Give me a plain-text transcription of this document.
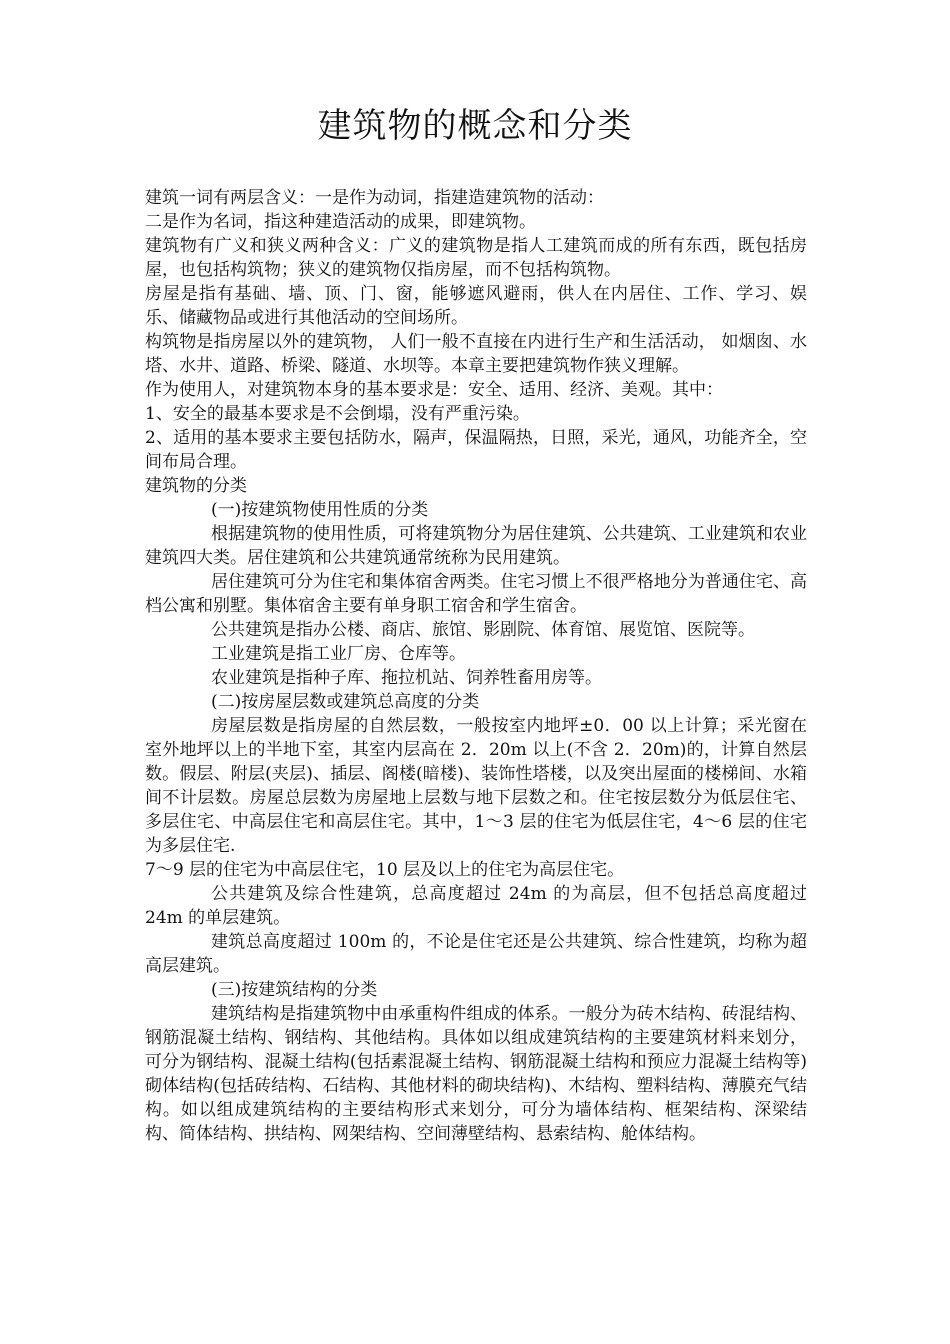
建筑物的概念和分类

建筑一词有两层含义：一是作为动词，指建造建筑物的活动：

二是作为名词，指这种建造活动的成果，即建筑物。

建筑物有广义和狭义两种含义：广义的建筑物是指人工建筑而成的所有东西，既包括房屋，也包括构筑物；狭义的建筑物仅指房屋，而不包括构筑物。

房屋是指有基础、墙、顶、门、窗，能够遮风避雨，供人在内居住、工作、学习、娱乐、储藏物品或进行其他活动的空间场所。

构筑物是指房屋以外的建筑物， 人们一般不直接在内进行生产和生活活动， 如烟囱、水塔、水井、道路、桥梁、隧道、水坝等。本章主要把建筑物作狭义理解。

作为使用人，对建筑物本身的基本要求是：安全、适用、经济、美观。其中：

1、安全的最基本要求是不会倒塌，没有严重污染。

2、适用的基本要求主要包括防水，隔声，保温隔热，日照，采光，通风，功能齐全，空间布局合理。

建筑物的分类

(一)按建筑物使用性质的分类

根据建筑物的使用性质，可将建筑物分为居住建筑、公共建筑、工业建筑和农业建筑四大类。居住建筑和公共建筑通常统称为民用建筑。

居住建筑可分为住宅和集体宿舍两类。住宅习惯上不很严格地分为普通住宅、高档公寓和别墅。集体宿舍主要有单身职工宿舍和学生宿舍。

公共建筑是指办公楼、商店、旅馆、影剧院、体育馆、展览馆、医院等。

工业建筑是指工业厂房、仓库等。

农业建筑是指种子库、拖拉机站、饲养牲畜用房等。

(二)按房屋层数或建筑总高度的分类

房屋层数是指房屋的自然层数，一般按室内地坪±0．00 以上计算；采光窗在室外地坪以上的半地下室，其室内层高在 2．20m 以上(不含 2．20m)的，计算自然层数。假层、附层(夹层)、插层、阁楼(暗楼)、装饰性塔楼，以及突出屋面的楼梯间、水箱间不计层数。房屋总层数为房屋地上层数与地下层数之和。住宅按层数分为低层住宅、多层住宅、中高层住宅和高层住宅。其中，1～3 层的住宅为低层住宅，4～6 层的住宅为多层住宅.

7～9 层的住宅为中高层住宅，10 层及以上的住宅为高层住宅。

公共建筑及综合性建筑，总高度超过 24m 的为高层，但不包括总高度超过 24m 的单层建筑。

建筑总高度超过 100m 的，不论是住宅还是公共建筑、综合性建筑，均称为超高层建筑。

(三)按建筑结构的分类

建筑结构是指建筑物中由承重构件组成的体系。一般分为砖木结构、砖混结构、钢筋混凝土结构、钢结构、其他结构。具体如以组成建筑结构的主要建筑材料来划分，可分为钢结构、混凝土结构(包括素混凝土结构、钢筋混凝土结构和预应力混凝土结构等)砌体结构(包括砖结构、石结构、其他材料的砌块结构)、木结构、塑料结构、薄膜充气结构。如以组成建筑结构的主要结构形式来划分，可分为墙体结构、框架结构、深梁结构、简体结构、拱结构、网架结构、空间薄壁结构、悬索结构、舱体结构。
